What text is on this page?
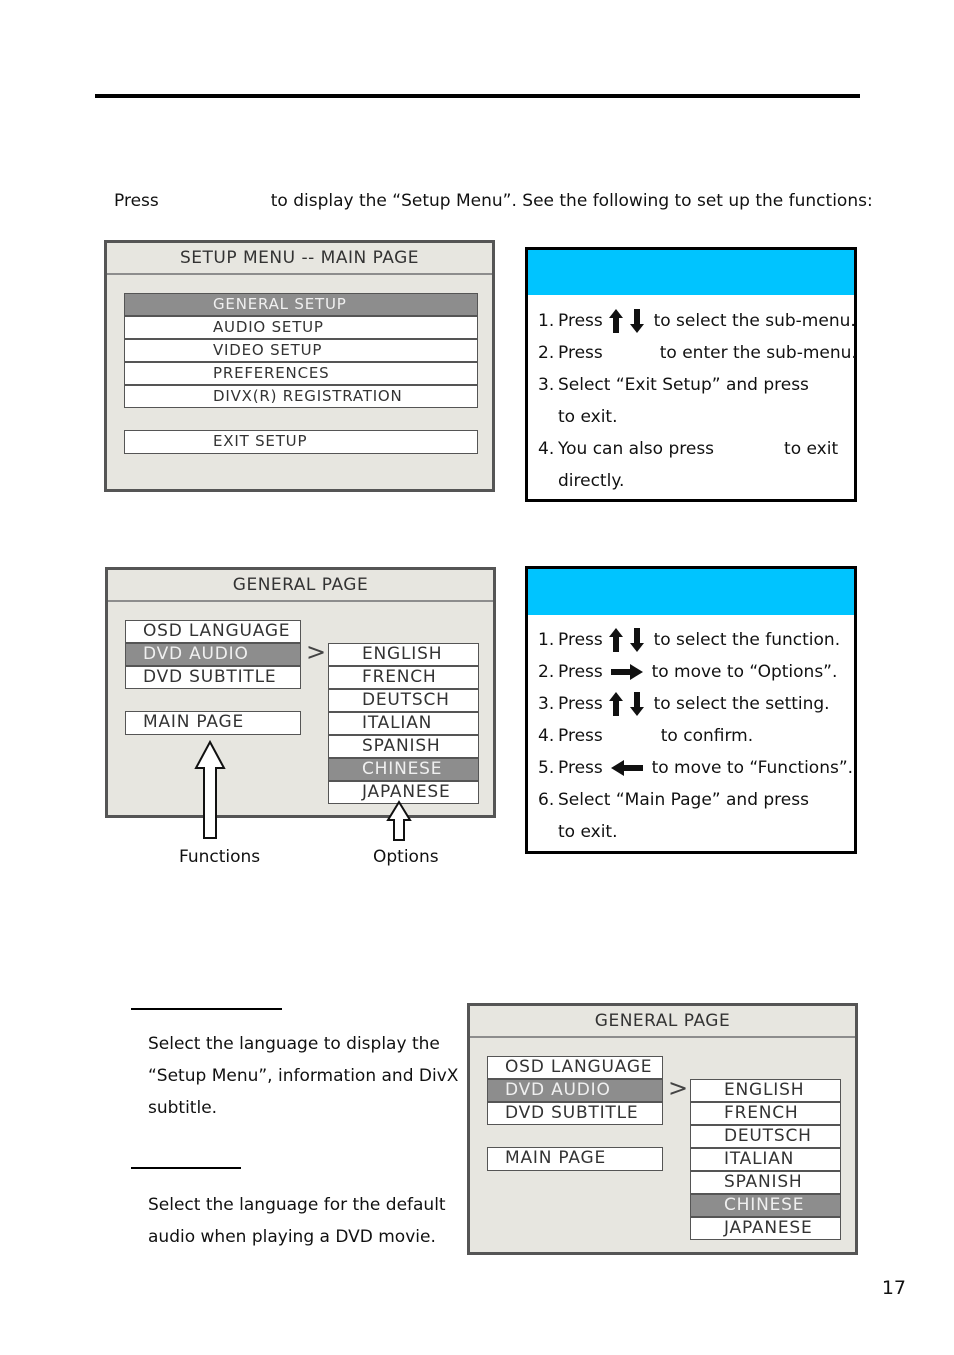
Press	to display the “Setup Menu”. See the following to set up the functions:
SETUP MENU -- MAIN PAGE
GENERAL SETUP
AUDIO SETUP
VIDEO SETUP
PREFERENCES
DIVX(R) REGISTRATION
EXIT SETUP
1. Press	to select the sub-menu.
2. Press	to enter the sub-menu.
3. Select “Exit Setup” and press
to exit.
4. You can also press	to exit
directly.
GENERAL PAGE
OSD LANGUAGE
DVD AUDIO
DVD SUBTITLE
MAIN PAGE
>	ENGLISH
FRENCH
DEUTSCH
ITALIAN
SPANISH
CHINESE
JAPANESE
Functions	Options
1. Press	to select the function.
2. Press	to move to “Options”.
3. Press	to select the setting.
4. Press	to confirm.
5. Press	to move to “Functions”.
6. Select “Main Page” and press
to exit.
Select the language to display the
“Setup Menu”, information and DivX
subtitle.
Select the language for the default
audio when playing a DVD movie.
GENERAL PAGE
OSD LANGUAGE
DVD AUDIO
DVD SUBTITLE
MAIN PAGE
>	ENGLISH
FRENCH
DEUTSCH
ITALIAN
SPANISH
CHINESE
JAPANESE
17
